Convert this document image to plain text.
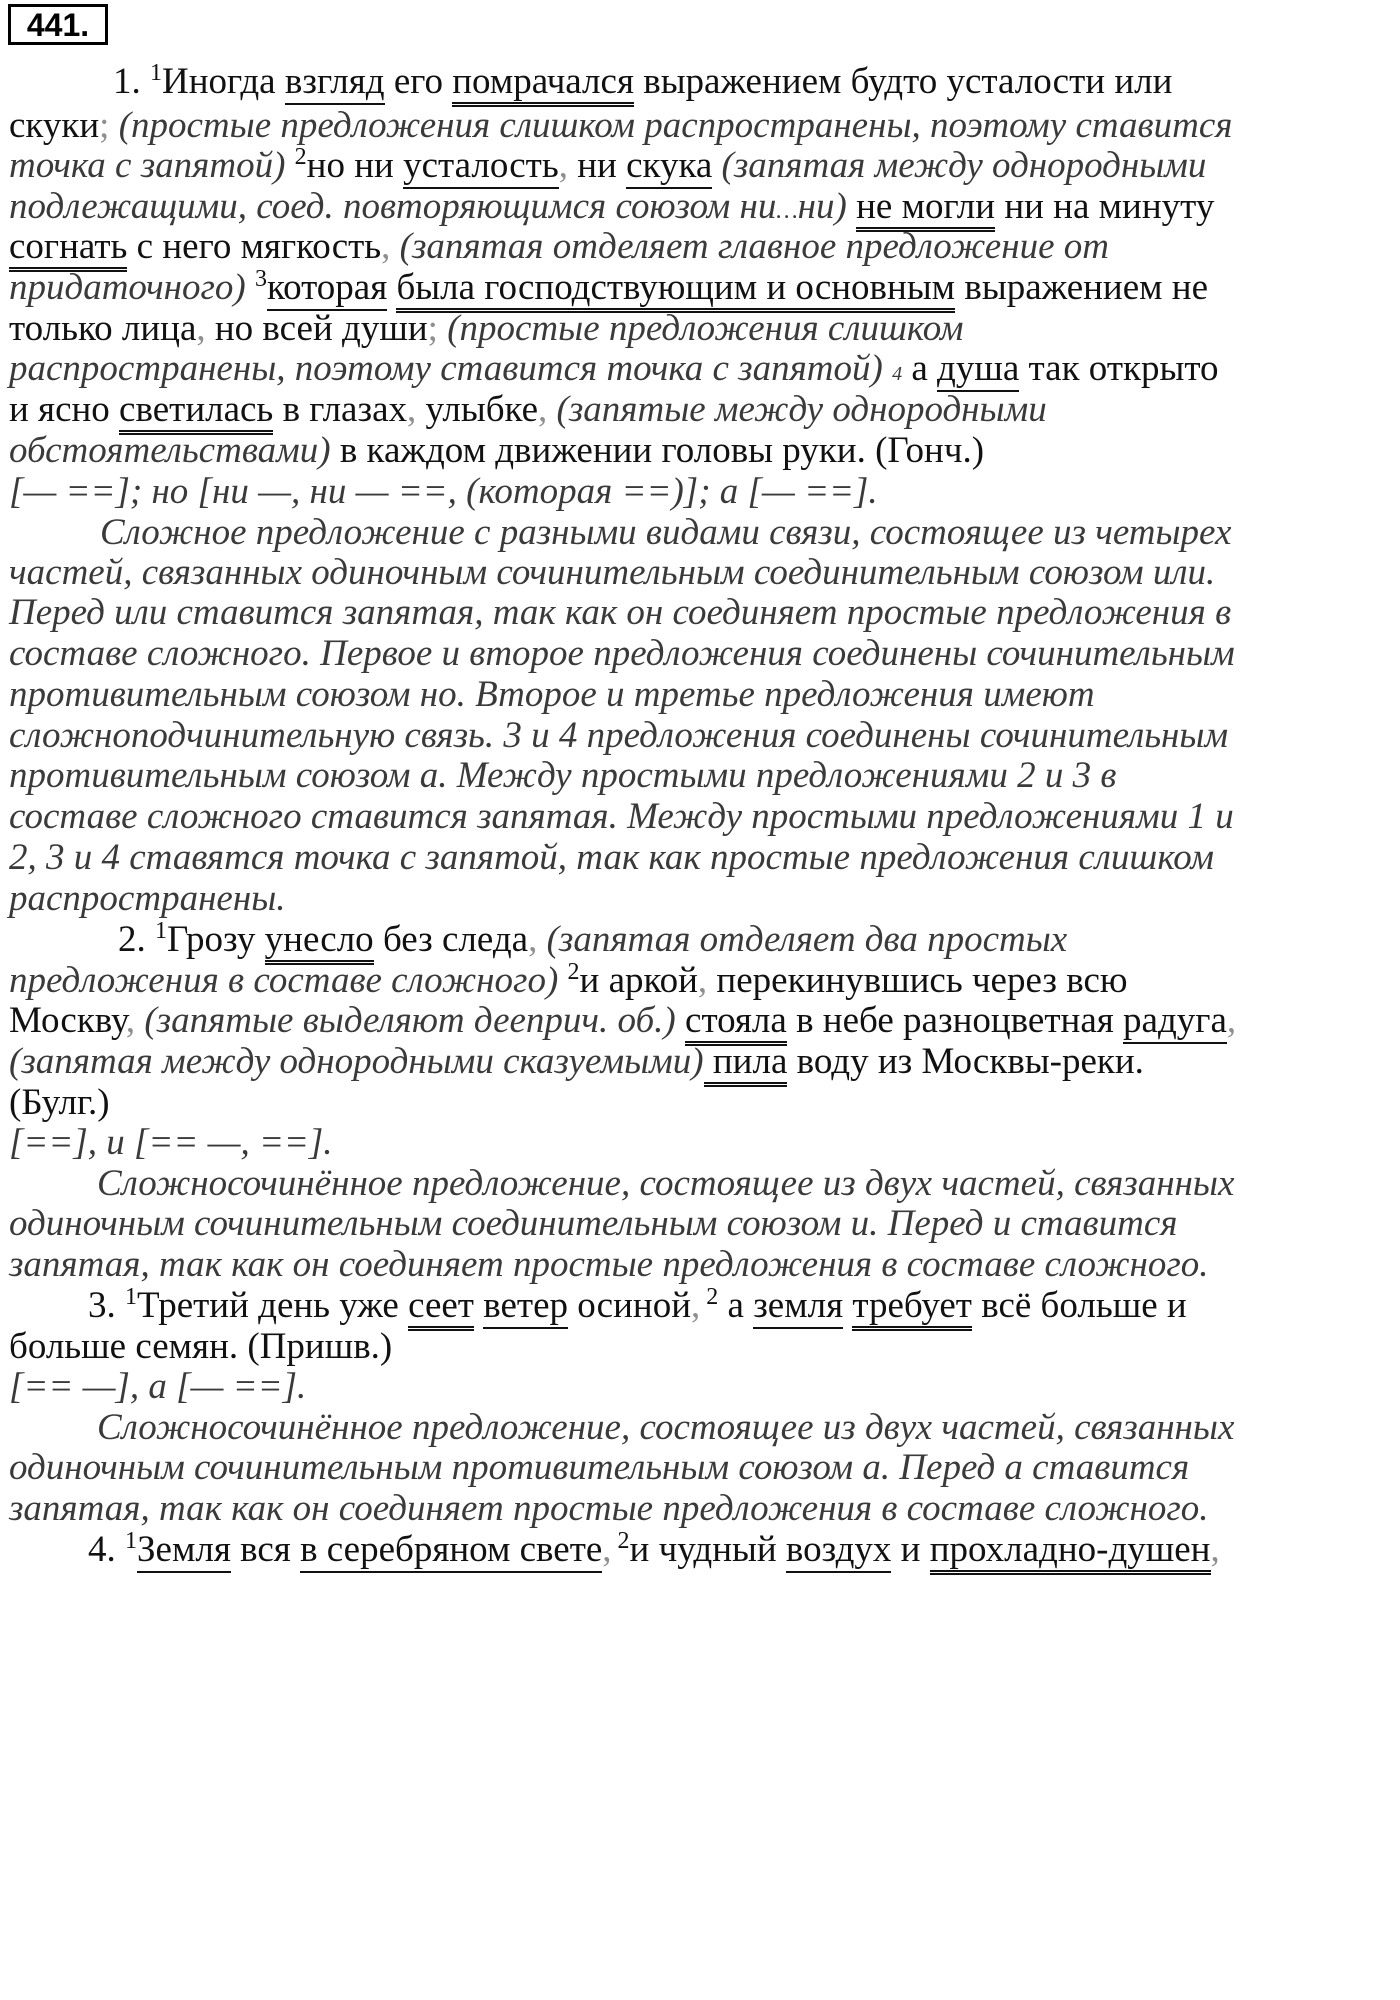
441.
1. $^1$Иногда взгляд его помрачался выражением будто усталости или
скуки; (простые предложения слишком распространены, поэтому ставится
точка с запятой) $^2$но ни усталость, ни скука (запятая между однородными
подлежащими, соед. повторяющимся союзом ни…ни) не могли ни на минуту
согнать с него мягкость, (запятая отделяет главное предложение от
придаточного) $^3$которая была господствующим и основным выражением не
только лица, но всей души; (простые предложения слишком
распространены, поэтому ставится точка с запятой) 4 а душа так открыто
и ясно светилась в глазах, улыбке, (запятые между однородными
обстоятельствами) в каждом движении головы руки. (Гонч.)
[— ==]; но [ни —, ни — ==, (которая ==)]; а [— ==].
Сложное предложение с разными видами связи, состоящее из четырех
частей, связанных одиночным сочинительным соединительным союзом или.
Перед или ставится запятая, так как он соединяет простые предложения в
составе сложного. Первое и второе предложения соединены сочинительным
противительным союзом но. Второе и третье предложения имеют
сложноподчинительную связь. 3 и 4 предложения соединены сочинительным
противительным союзом а. Между простыми предложениями 2 и 3 в
составе сложного ставится запятая. Между простыми предложениями 1 и
2, 3 и 4 ставятся точка с запятой, так как простые предложения слишком
распространены.
2. $^1$Грозу унесло без следа, (запятая отделяет два простых
предложения в составе сложного) $^2$и аркой, перекинувшись через всю
Москву, (запятые выделяют дееприч. об.) стояла в небе разноцветная радуга,
(запятая между однородными сказуемыми) пила воду из Москвы-реки.
(Булг.)
[==], и [== —, ==].
Сложносочинённое предложение, состоящее из двух частей, связанных
одиночным сочинительным соединительным союзом и. Перед и ставится
запятая, так как он соединяет простые предложения в составе сложного.
3. $^1$Третий день уже сеет ветер осиной, $^2$ а земля требует всё больше и
больше семян. (Пришв.)
[== —], а [— ==].
Сложносочинённое предложение, состоящее из двух частей, связанных
одиночным сочинительным противительным союзом а. Перед а ставится
запятая, так как он соединяет простые предложения в составе сложного.
4. $^1$Земля вся в серебряном свете, $^2$и чудный воздух и прохладно-душен,
